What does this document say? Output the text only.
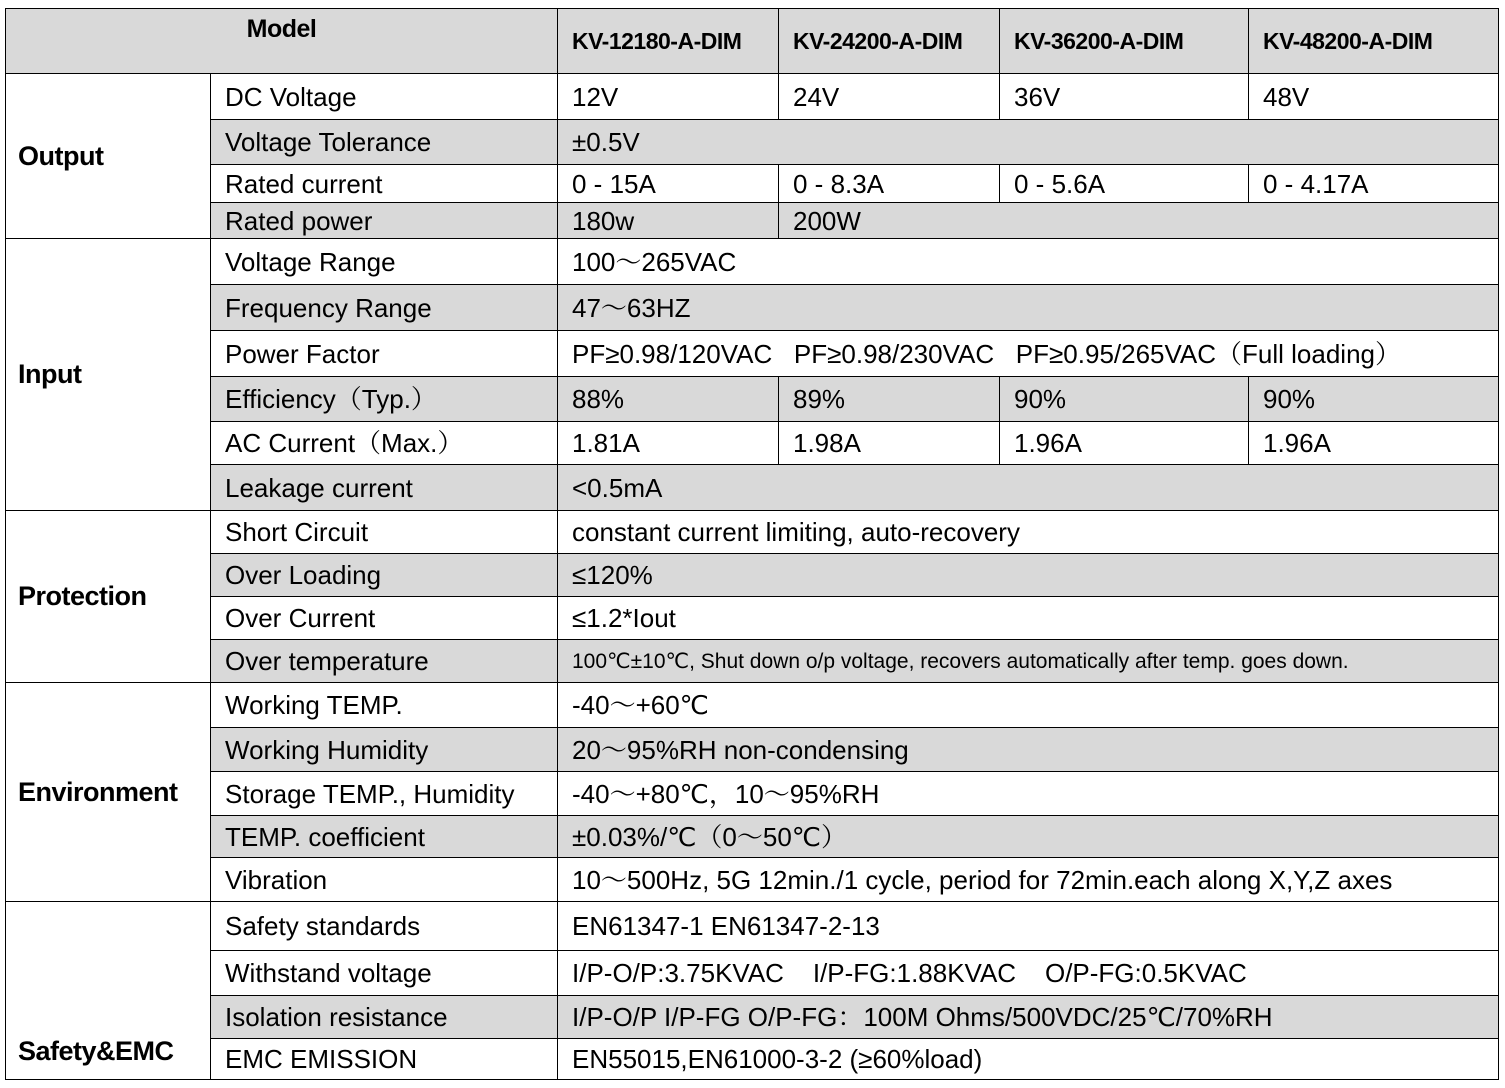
Model		KV-12180-A-DIM	KV-24200-A-DIM	KV-36200-A-DIM	KV-48200-A-DIM
Output	DC Voltage	12V	24V	36V	48V
	Voltage Tolerance	±0.5V			
	Rated current	0 - 15A	0 - 8.3A	0 - 5.6A	0 - 4.17A
	Rated power	180w	200W		
Input	Voltage Range	100～265VAC			
	Frequency Range	47～63HZ			
	Power Factor	PF≥0.98/120VAC   PF≥0.98/230VAC   PF≥0.95/265VAC（Full loading）			
	Efficiency（Typ.）	88%	89%	90%	90%
	AC Current（Max.）	1.81A	1.98A	1.96A	1.96A
	Leakage current	<0.5mA			
Protection	Short Circuit	constant current limiting, auto-recovery			
	Over Loading	≤120%			
	Over Current	≤1.2*Iout			
	Over temperature	100℃±10℃, Shut down o/p voltage, recovers automatically after temp. goes down.			
Environment	Working TEMP.	-40～+60℃			
	Working Humidity	20～95%RH non-condensing			
	Storage TEMP., Humidity	-40～+80℃，10～95%RH			
	TEMP. coefficient	±0.03%/℃（0～50℃）			
	Vibration	10～500Hz, 5G 12min./1 cycle, period for 72min.each along X,Y,Z axes			
Safety&EMC	Safety standards	EN61347-1 EN61347-2-13			
	Withstand voltage	I/P-O/P:3.75KVAC    I/P-FG:1.88KVAC    O/P-FG:0.5KVAC			
	Isolation resistance	I/P-O/P I/P-FG O/P-FG：100M Ohms/500VDC/25℃/70%RH			
	EMC EMISSION	EN55015,EN61000-3-2 (≥60%load)			
